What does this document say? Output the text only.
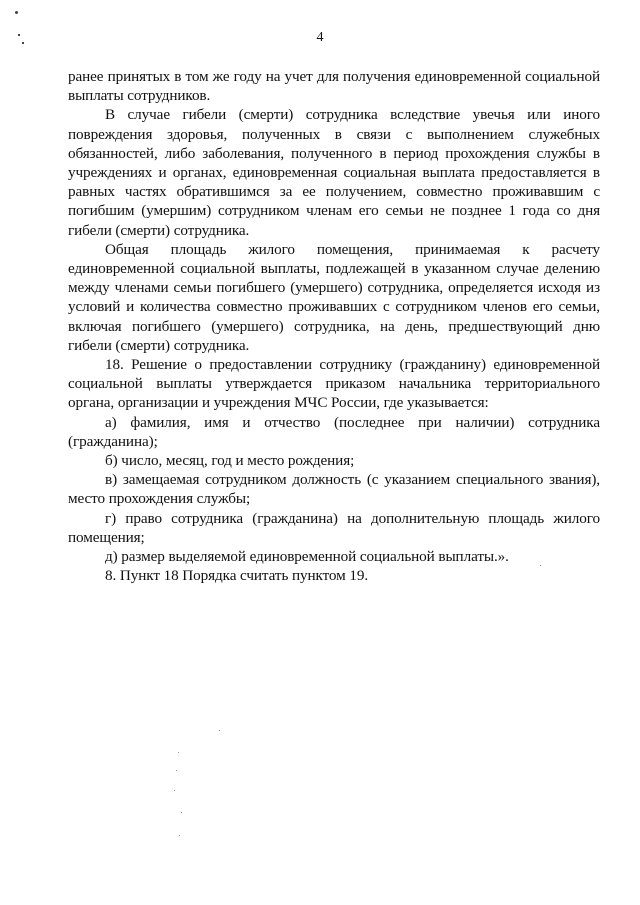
4

ранее принятых в том же году на учет для получения единовременной социальной выплаты сотрудников.

В случае гибели (смерти) сотрудника вследствие увечья или иного повреждения здоровья, полученных в связи с выполнением служебных обязанностей, либо заболевания, полученного в период прохождения службы в учреждениях и органах, единовременная социальная выплата предоставляется в равных частях обратившимся за ее получением, совместно проживавшим с погибшим (умершим) сотрудником членам его семьи не позднее 1 года со дня гибели (смерти) сотрудника.

Общая площадь жилого помещения, принимаемая к расчету единовременной социальной выплаты, подлежащей в указанном случае делению между членами семьи погибшего (умершего) сотрудника, определяется исходя из условий и количества совместно проживавших с сотрудником членов его семьи, включая погибшего (умершего) сотрудника, на день, предшествующий дню гибели (смерти) сотрудника.

18. Решение о предоставлении сотруднику (гражданину) единовременной социальной выплаты утверждается приказом начальника территориального органа, организации и учреждения МЧС России, где указывается:

а) фамилия, имя и отчество (последнее при наличии) сотрудника (гражданина);

б) число, месяц, год и место рождения;

в) замещаемая сотрудником должность (с указанием специального звания), место прохождения службы;

г) право сотрудника (гражданина) на дополнительную площадь жилого помещения;

д) размер выделяемой единовременной социальной выплаты.».

8. Пункт 18 Порядка считать пунктом 19.
